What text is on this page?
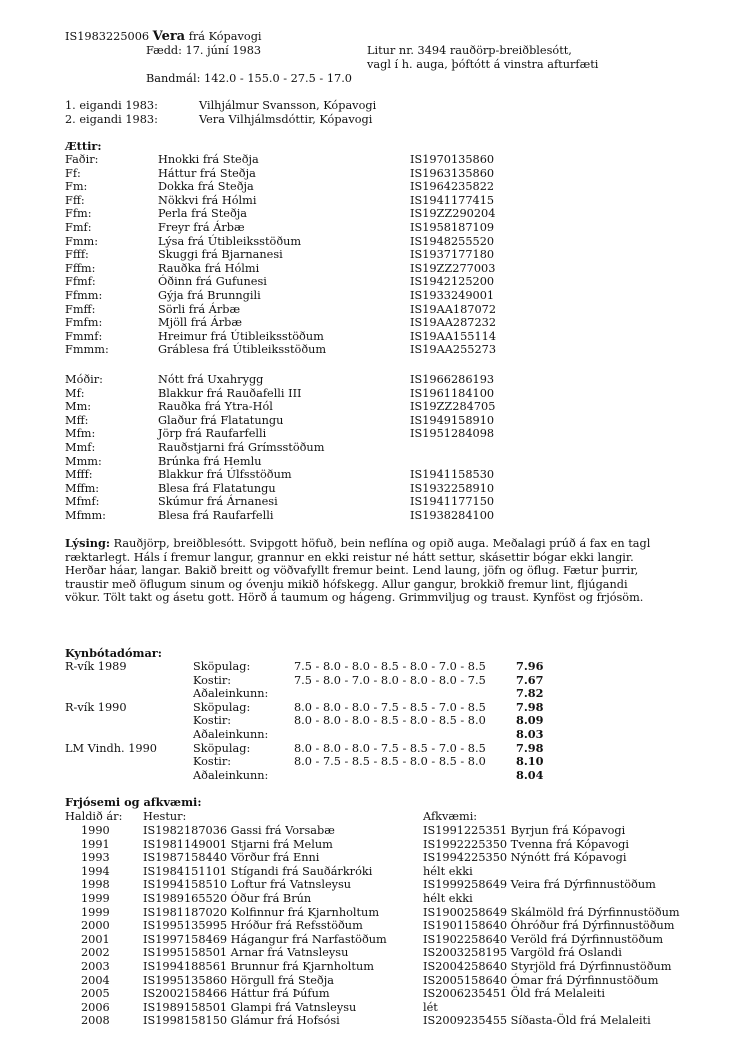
IS1983225006 Vera frá Kópavogi
Fædd: 17. júní 1983	Litur nr. 3494 rauðörp-breiðblesótt,
vagl í h. auga, þóftótt á vinstra afturfæti
Bandmál: 142.0 - 155.0 - 27.5 - 17.0
1. eigandi 1983:	Vilhjálmur Svansson, Kópavogi
2. eigandi 1983:	Vera Vilhjálmsdóttir, Kópavogi
Ættir:
Faðir:	Hnokki frá Steðja	IS1970135860
Ff:	Háttur frá Steðja	IS1963135860
Fm:	Dokka frá Steðja	IS1964235822
Fff:	Nökkvi frá Hólmi	IS1941177415
Ffm:	Perla frá Steðja	IS19ZZ290204
Fmf:	Freyr frá Árbæ	IS1958187109
Fmm:	Lýsa frá Útibleiksstöðum	IS1948255520
Ffff:	Skuggi frá Bjarnanesi	IS1937177180
Fffm:	Rauðka frá Hólmi	IS19ZZ277003
Ffmf:	Óðinn frá Gufunesi	IS1942125200
Ffmm:	Gýja frá Brunngili	IS1933249001
Fmff:	Sörli frá Árbæ	IS19AA187072
Fmfm:	Mjöll frá Árbæ	IS19AA287232
Fmmf:	Hreimur frá Útibleiksstöðum	IS19AA155114
Fmmm:	Gráblesa frá Útibleiksstöðum	IS19AA255273
Móðir:	Nótt frá Uxahrygg	IS1966286193
Mf:	Blakkur frá Rauðafelli III	IS1961184100
Mm:	Rauðka frá Ytra-Hól	IS19ZZ284705
Mff:	Glaður frá Flatatungu	IS1949158910
Mfm:	Jörp frá Raufarfelli	IS1951284098
Mmf:	Rauðstjarni frá Grímsstöðum
Mmm:	Brúnka frá Hemlu
Mfff:	Blakkur frá Úlfsstöðum	IS1941158530
Mffm:	Blesa frá Flatatungu	IS1932258910
Mfmf:	Skúmur frá Árnanesi	IS1941177150
Mfmm:	Blesa frá Raufarfelli	IS1938284100
Lýsing: Rauðjörp, breiðblesótt. Svipgott höfuð, bein neflína og opið auga. Meðalagi prúð á fax en tagl ræktarlegt. Háls í fremur langur, grannur en ekki reistur né hátt settur, skásettir bógar ekki langir. Herðar háar, langar. Bakið breitt og vöðvafyllt fremur beint. Lend laung, jöfn og öflug. Fætur þurrir, traustir með öflugum sinum og óvenju mikið hófskegg. Allur gangur, brokkið fremur lint, fljúgandi vökur. Tölt takt og ásetu gott. Hörð á taumum og hágeng. Grimmviljug og traust. Kynföst og frjósöm.
Kynbótadómar:
R-vík 1989	Sköpulag:	7.5 - 8.0 - 8.0 - 8.5 - 8.0 - 7.0 - 8.5	7.96
Kostir:	7.5 - 8.0 - 7.0 - 8.0 - 8.0 - 8.0 - 7.5	7.67
Aðaleinkunn:	7.82
R-vík 1990	Sköpulag:	8.0 - 8.0 - 8.0 - 7.5 - 8.5 - 7.0 - 8.5	7.98
Kostir:	8.0 - 8.0 - 8.0 - 8.5 - 8.0 - 8.5 - 8.0	8.09
Aðaleinkunn:	8.03
LM Vindh. 1990	Sköpulag:	8.0 - 8.0 - 8.0 - 7.5 - 8.5 - 7.0 - 8.5	7.98
Kostir:	8.0 - 7.5 - 8.5 - 8.5 - 8.0 - 8.5 - 8.0	8.10
Aðaleinkunn:	8.04
Frjósemi og afkvæmi:
Haldið ár: Hestur:	Afkvæmi:
1990	IS1982187036 Gassi frá Vorsabæ	IS1991225351 Byrjun frá Kópavogi
1991	IS1981149001 Stjarni frá Melum	IS1992225350 Tvenna frá Kópavogi
1993	IS1987158440 Vörður frá Enni	IS1994225350 Nýnótt frá Kópavogi
1994	IS1984151101 Stígandi frá Sauðárkróki	hélt ekki
1998	IS1994158510 Loftur frá Vatnsleysu	IS1999258649 Veira frá Dýrfinnustöðum
1999	IS1989165520 Óður frá Brún	hélt ekki
1999	IS1981187020 Kolfinnur frá Kjarnholtum	IS1900258649 Skálmöld frá Dýrfinnustöðum
2000	IS1995135995 Hróður frá Refsstöðum	IS1901158640 Óhróður frá Dýrfinnustöðum
2001	IS1997158469 Hágangur frá Narfastöðum	IS1902258640 Veröld frá Dýrfinnustöðum
2002	IS1995158501 Arnar frá Vatnsleysu	IS2003258195 Vargöld frá Oslandi
2003	IS1994188561 Brunnur frá Kjarnholtum	IS2004258640 Styrjöld frá Dýrfinnustöðum
2004	IS1995135860 Hörgull frá Steðja	IS2005158640 Ómar frá Dýrfinnustöðum
2005	IS2002158466 Háttur frá Þúfum	IS2006235451 Öld frá Melaleiti
2006	IS1989158501 Glampi frá Vatnsleysu	lét
2008	IS1998158150 Glámur frá Hofsósi	IS2009235455 Síðasta-Öld frá Melaleiti
